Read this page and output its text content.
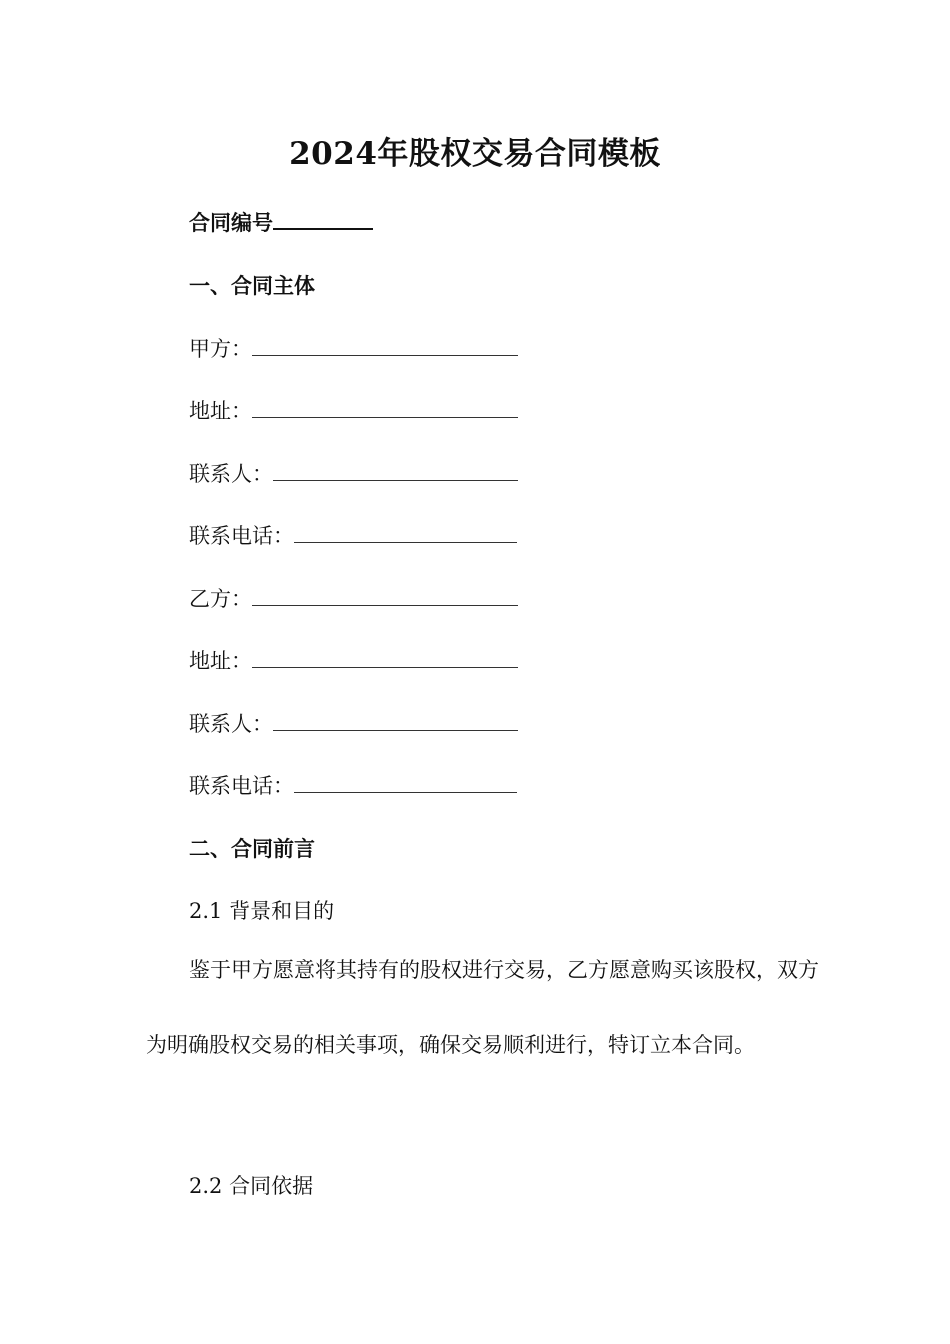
2024年股权交易合同模板
合同编号
一、合同主体
甲方：
地址：
联系人：
联系电话：
乙方：
地址：
联系人：
联系电话：
二、合同前言
2.1 背景和目的

鉴于甲方愿意将其持有的股权进行交易，乙方愿意购买该股权，双方为明确股权交易的相关事项，确保交易顺利进行，特订立本合同。

2.2 合同依据
